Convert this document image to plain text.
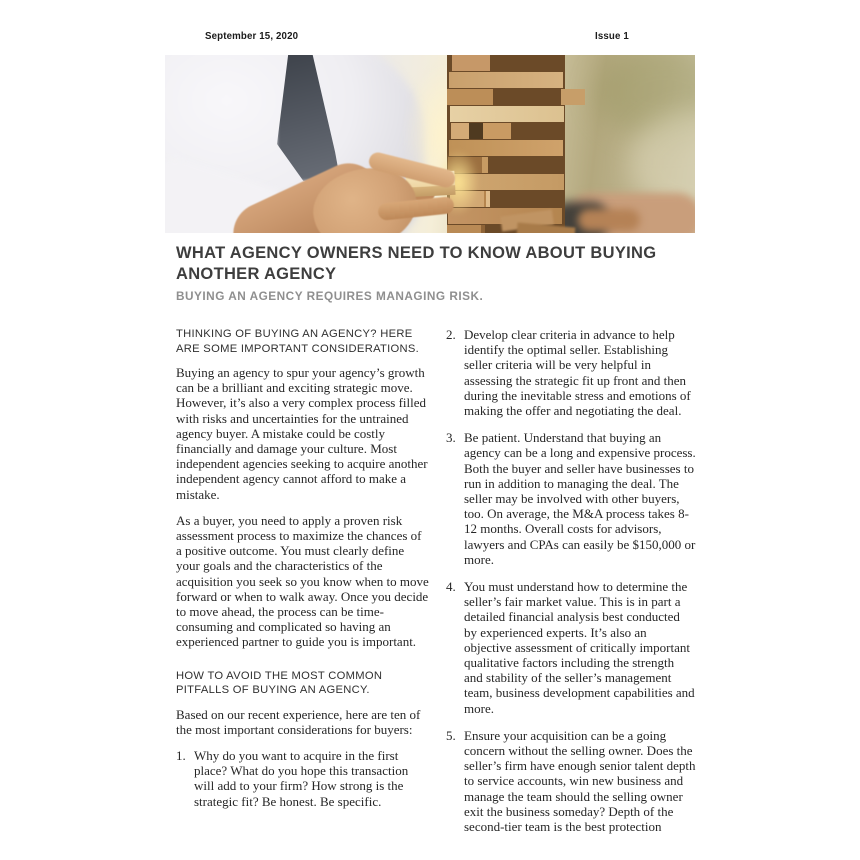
September 15, 2020	Issue 1
WHAT AGENCY OWNERS NEED TO KNOW ABOUT BUYING ANOTHER AGENCY
BUYING AN AGENCY REQUIRES MANAGING RISK.

THINKING OF BUYING AN AGENCY? HERE ARE SOME IMPORTANT CONSIDERATIONS.

Buying an agency to spur your agency’s growth can be a brilliant and exciting strategic move. However, it’s also a very complex process filled with risks and uncertainties for the untrained agency buyer. A mistake could be costly financially and damage your culture. Most independent agencies seeking to acquire another independent agency cannot afford to make a mistake.

As a buyer, you need to apply a proven risk assessment process to maximize the chances of a positive outcome. You must clearly define your goals and the characteristics of the acquisition you seek so you know when to move forward or when to walk away. Once you decide to move ahead, the process can be time-consuming and complicated so having an experienced partner to guide you is important.

HOW TO AVOID THE MOST COMMON PITFALLS OF BUYING AN AGENCY.

Based on our recent experience, here are ten of the most important considerations for buyers:

1. Why do you want to acquire in the first place? What do you hope this transaction will add to your firm? How strong is the strategic fit? Be honest. Be specific.
2. Develop clear criteria in advance to help identify the optimal seller. Establishing seller criteria will be very helpful in assessing the strategic fit up front and then during the inevitable stress and emotions of making the offer and negotiating the deal.
3. Be patient. Understand that buying an agency can be a long and expensive process. Both the buyer and seller have businesses to run in addition to managing the deal. The seller may be involved with other buyers, too. On average, the M&A process takes 8-12 months. Overall costs for advisors, lawyers and CPAs can easily be $150,000 or more.
4. You must understand how to determine the seller’s fair market value. This is in part a detailed financial analysis best conducted by experienced experts. It’s also an objective assessment of critically important qualitative factors including the strength and stability of the seller’s management team, business development capabilities and more.
5. Ensure your acquisition can be a going concern without the selling owner. Does the seller’s firm have enough senior talent depth to service accounts, win new business and manage the team should the selling owner exit the business someday? Depth of the second-tier team is the best protection
